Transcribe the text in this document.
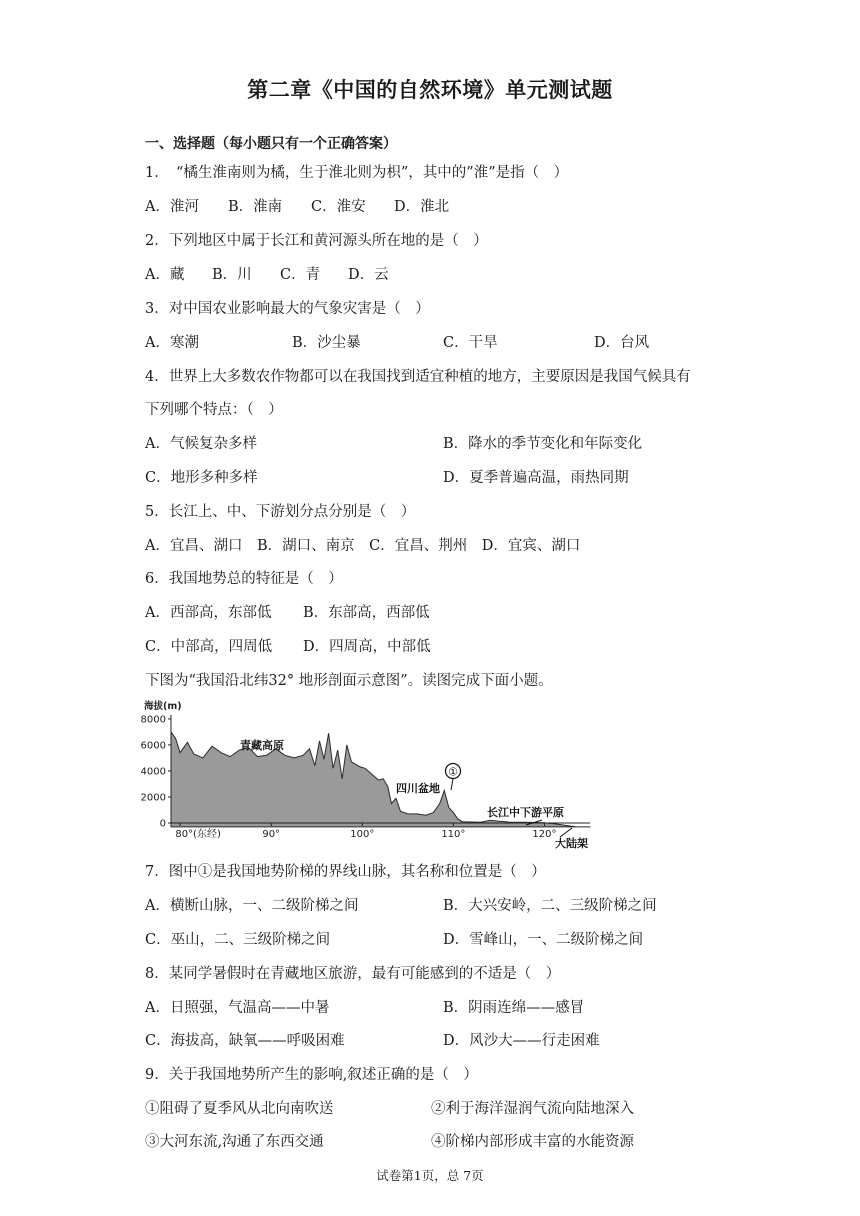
第二章《中国的自然环境》单元测试题
一、选择题（每小题只有一个正确答案）
1．　“橘生淮南则为橘，生于淮北则为枳”，其中的”淮”是指（　）
A．淮河 B．淮南 C．淮安 D．淮北
2．下列地区中属于长江和黄河源头所在地的是（　）
A．藏 B．川 C．青 D．云
3．对中国农业影响最大的气象灾害是（　）
A．寒潮	B．沙尘暴	C．干旱	D．台风
4．世界上大多数农作物都可以在我国找到适宜种植的地方，主要原因是我国气候具有
下列哪个特点：（　）
A．气候复杂多样	B．降水的季节变化和年际变化
C．地形多种多样	D．夏季普遍高温，雨热同期
5．长江上、中、下游划分点分别是（　）
A．宜昌、湖口　B．湖口、南京　C．宜昌、荆州　D．宜宾、湖口
6．我国地势总的特征是（　）
A．西部高，东部低 B．东部高，西部低
C．中部高，四周低 D．四周高，中部低
下图为“我国沿北纬32° 地形剖面示意图”。读图完成下面小题。
海拔(m)
0
2000
4000
6000
8000
80°(东经)	90°	100°	110°	120°
青藏高原
四川盆地
长江中下游平原
大陆架
①
7．图中①是我国地势阶梯的界线山脉，其名称和位置是（　）
A．横断山脉，一、二级阶梯之间	B．大兴安岭，二、三级阶梯之间
C．巫山，二、三级阶梯之间	D．雪峰山，一、二级阶梯之间
8．某同学暑假时在青藏地区旅游，最有可能感到的不适是（　）
A．日照强，气温高——中暑	B．阴雨连绵——感冒
C．海拔高，缺氧——呼吸困难	D．风沙大——行走困难
9．关于我国地势所产生的影响,叙述正确的是（　）
①阻碍了夏季风从北向南吹送	②利于海洋湿润气流向陆地深入
③大河东流,沟通了东西交通	④阶梯内部形成丰富的水能资源
试卷第1页，总 7页
